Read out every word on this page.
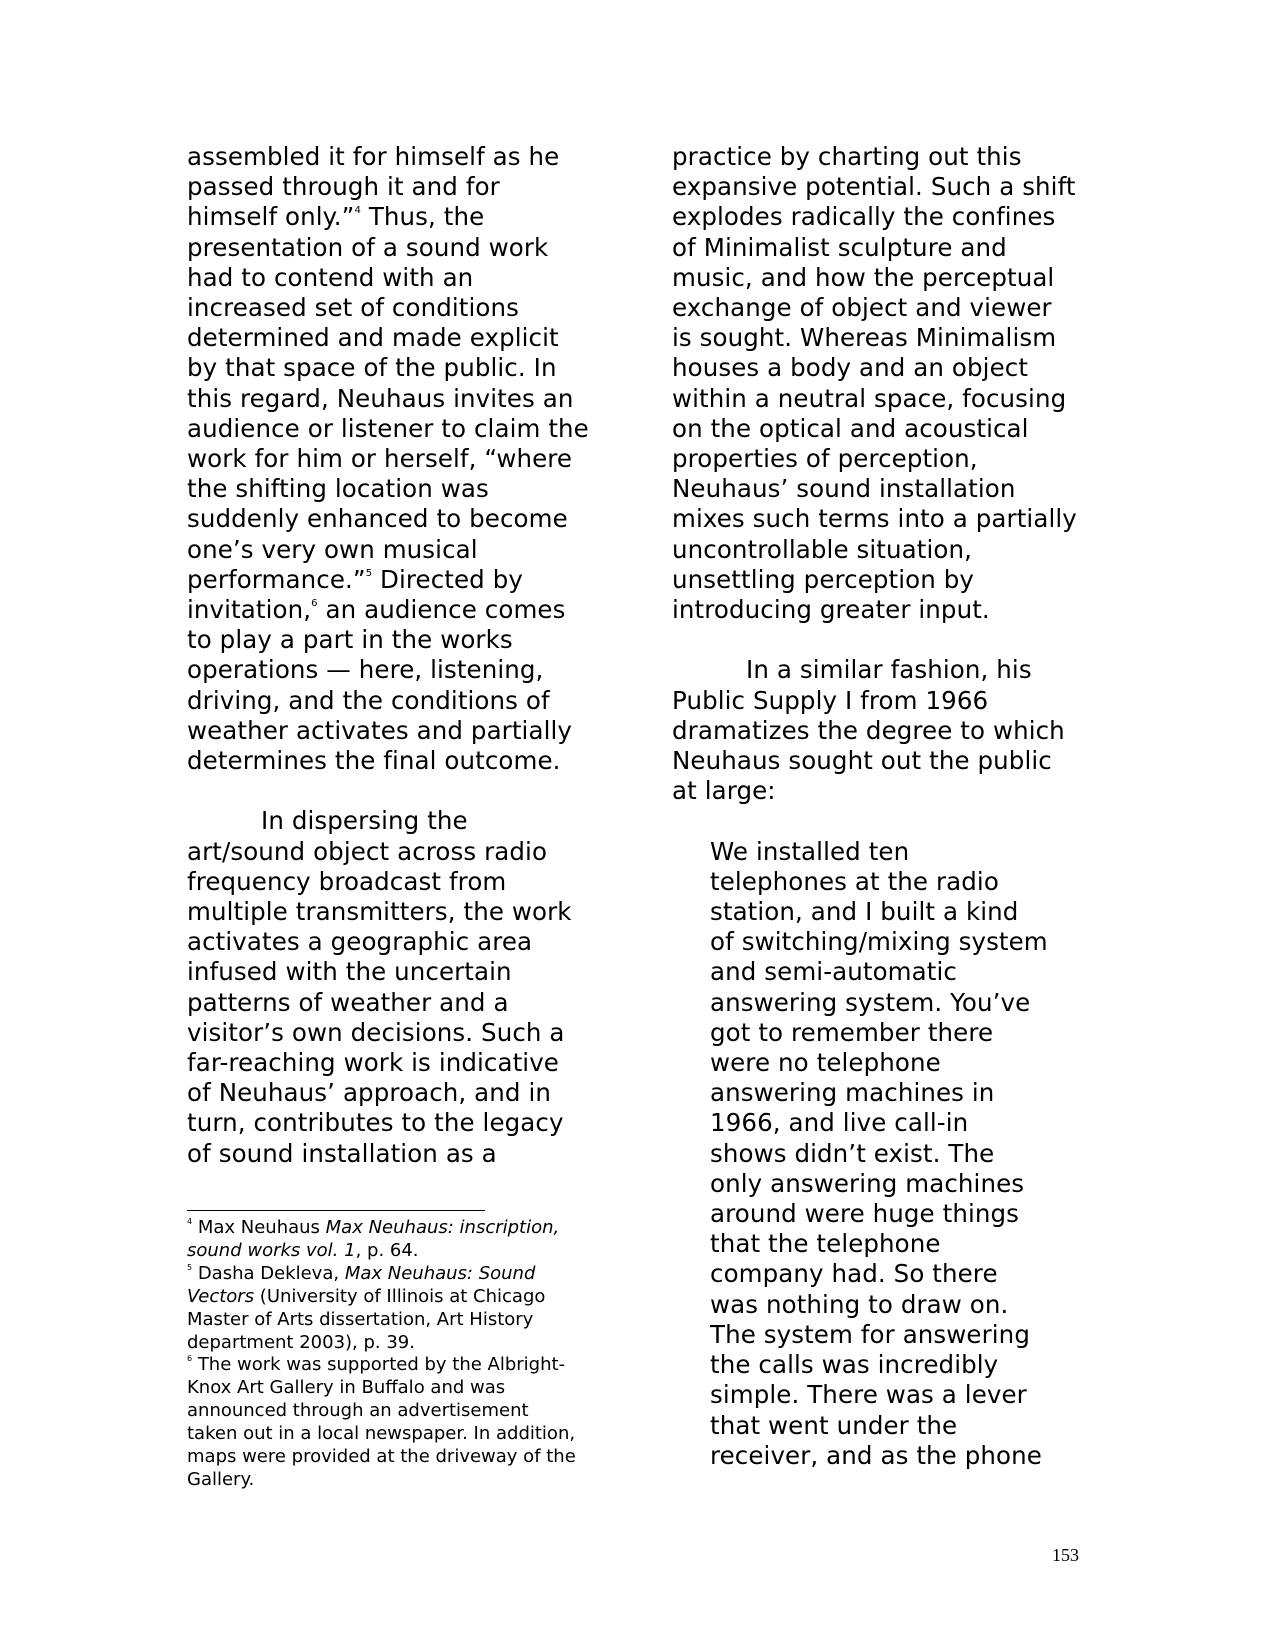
assembled it for himself as he
passed through it and for
himself only.”$^4$ Thus, the
presentation of a sound work
had to contend with an
increased set of conditions
determined and made explicit
by that space of the public. In
this regard, Neuhaus invites an
audience or listener to claim the
work for him or herself, “where
the shifting location was
suddenly enhanced to become
one’s very own musical
performance.”$^5$ Directed by
invitation,$^6$ an audience comes
to play a part in the works
operations — here, listening,
driving, and the conditions of
weather activates and partially
determines the final outcome.
In dispersing the
art/sound object across radio
frequency broadcast from
multiple transmitters, the work
activates a geographic area
infused with the uncertain
patterns of weather and a
visitor’s own decisions. Such a
far-reaching work is indicative
of Neuhaus’ approach, and in
turn, contributes to the legacy
of sound installation as a
$^4$ Max Neuhaus Max Neuhaus: inscription,
sound works vol. 1, p. 64.
$^5$ Dasha Dekleva, Max Neuhaus: Sound
Vectors (University of Illinois at Chicago
Master of Arts dissertation, Art History
department 2003), p. 39.
$^6$ The work was supported by the Albright-
Knox Art Gallery in Buffalo and was
announced through an advertisement
taken out in a local newspaper. In addition,
maps were provided at the driveway of the
Gallery.
practice by charting out this
expansive potential. Such a shift
explodes radically the confines
of Minimalist sculpture and
music, and how the perceptual
exchange of object and viewer
is sought. Whereas Minimalism
houses a body and an object
within a neutral space, focusing
on the optical and acoustical
properties of perception,
Neuhaus’ sound installation
mixes such terms into a partially
uncontrollable situation,
unsettling perception by
introducing greater input.
In a similar fashion, his
Public Supply I from 1966
dramatizes the degree to which
Neuhaus sought out the public
at large:
We installed ten
telephones at the radio
station, and I built a kind
of switching/mixing system
and semi-automatic
answering system. You’ve
got to remember there
were no telephone
answering machines in
1966, and live call-in
shows didn’t exist. The
only answering machines
around were huge things
that the telephone
company had. So there
was nothing to draw on.
The system for answering
the calls was incredibly
simple. There was a lever
that went under the
receiver, and as the phone
153
